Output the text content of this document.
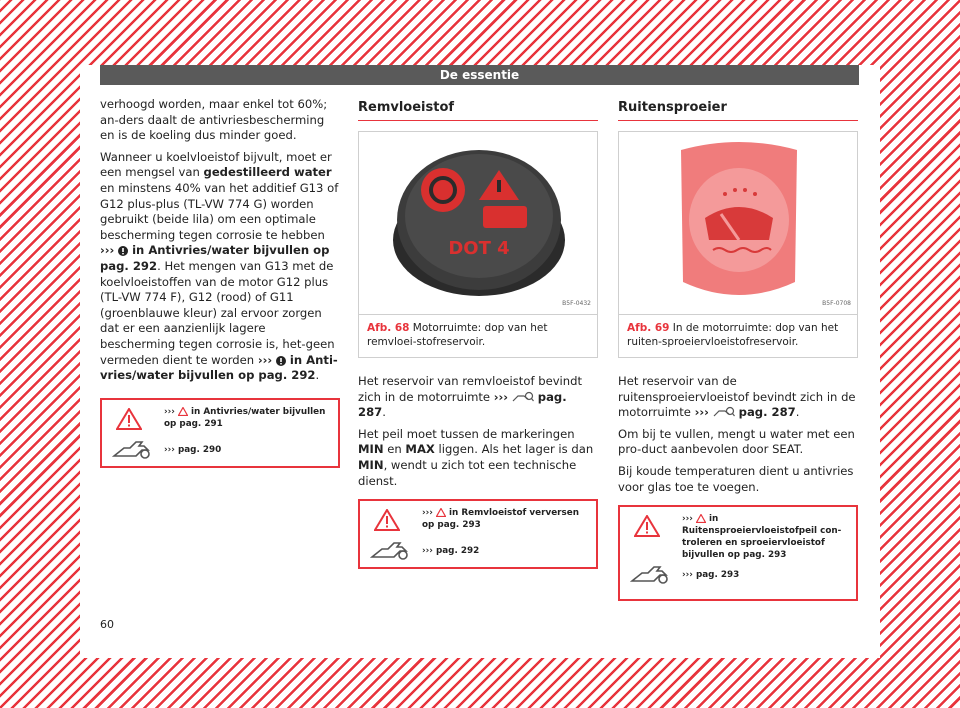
De essentie

verhoogd worden, maar enkel tot 60%; an-ders daalt de antivriesbescherming en is de koeling dus minder goed.

Wanneer u koelvloeistof bijvult, moet er een mengsel van gedestilleerd water en minstens 40% van het additief G13 of G12 plus-plus (TL-VW 774 G) worden gebruikt (beide lila) om een optimale bescherming tegen corrosie te hebben ›››  in Antivries/water bijvullen op pag. 292. Het mengen van G13 met de koelvloeistoffen van de motor G12 plus (TL-VW 774 F), G12 (rood) of G11 (groenblauwe kleur) zal ervoor zorgen dat er een aanzienlijk lagere bescherming tegen corrosie is, het-geen vermeden dient te worden ›››  in Anti-vries/water bijvullen op pag. 292.

›››  in Antivries/water bijvullen op pag. 291
››› pag. 290
Remvloeistof
DOT 4
B5F-0432
Afb. 68 Motorruimte: dop van het remvloei-stofreservoir.

Het reservoir van remvloeistof bevindt zich in de motorruimte ›››  pag. 287.

Het peil moet tussen de markeringen MIN en MAX liggen. Als het lager is dan MIN, wendt u zich tot een technische dienst.

›››  in Remvloeistof verversen op pag. 293
››› pag. 292
Ruitensproeier
B5F-0708
Afb. 69 In de motorruimte: dop van het ruiten-sproeiervloeistofreservoir.

Het reservoir van de ruitensproeiervloeistof bevindt zich in de motorruimte ›››  pag. 287.

Om bij te vullen, mengt u water met een pro-duct aanbevolen door SEAT.

Bij koude temperaturen dient u antivries voor glas toe te voegen.

›››  in Ruitensproeiervloeistofpeil con-troleren en sproeiervloeistof bijvullen op pag. 293
››› pag. 293
60
